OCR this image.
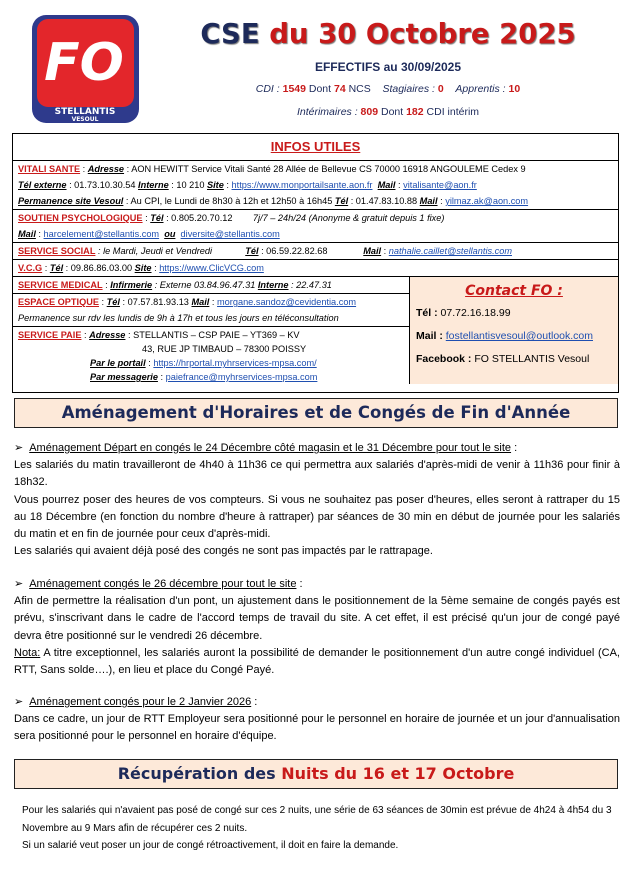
FO
STELLANTIS
VESOUL
CSE du 30 Octobre 2025
EFFECTIFS au 30/09/2025
CDI : 1549 Dont 74 NCS Stagiaires : 0 Apprentis : 10
Intérimaires : 809 Dont 182 CDI intérim
INFOS UTILES
VITALI SANTE : Adresse : AON HEWITT Service Vitali Santé 28 Allée de Bellevue CS 70000 16918 ANGOULEME Cedex 9
Tél externe : 01.73.10.30.54 Interne : 10 210 Site : https://www.monportailsante.aon.fr Mail : vitalisante@aon.fr
Permanence site Vesoul : Au CPI, le Lundi de 8h30 à 12h et 12h50 à 16h45 Tél : 01.47.83.10.88 Mail : yilmaz.ak@aon.com
SOUTIEN PSYCHOLOGIQUE : Tél : 0.805.20.70.12 7j/7 – 24h/24 (Anonyme & gratuit depuis 1 fixe)
Mail : harcelement@stellantis.com ou diversite@stellantis.com
SERVICE SOCIAL : le Mardi, Jeudi et Vendredi	Tél : 06.59.22.82.68	Mail : nathalie.caillet@stellantis.com
V.C.G : Tél : 09.86.86.03.00 Site : https://www.ClicVCG.com
SERVICE MEDICAL : Infirmerie : Externe 03.84.96.47.31 Interne : 22.47.31
ESPACE OPTIQUE : Tél : 07.57.81.93.13 Mail : morgane.sandoz@cevidentia.com
Permanence sur rdv les lundis de 9h à 17h et tous les jours en téléconsultation
SERVICE PAIE : Adresse : STELLANTIS – CSP PAIE – YT369 – KV
43, RUE JP TIMBAUD – 78300 POISSY
Par le portail : https://hrportal.myhrservices-mpsa.com/
Par messagerie : paiefrance@myhrservices-mpsa.com
Contact FO :
Tél : 07.72.16.18.99
Mail : fostellantisvesoul@outlook.com
Facebook : FO STELLANTIS Vesoul
Aménagement d'Horaires et de Congés de Fin d'Année

➢ Aménagement Départ en congés le 24 Décembre côté magasin et le 31 Décembre pour tout le site :

Les salariés du matin travailleront de 4h40 à 11h36 ce qui permettra aux salariés d'après-midi de venir à 11h36 pour finir à 18h32.

Vous pourrez poser des heures de vos compteurs. Si vous ne souhaitez pas poser d'heures, elles seront à rattraper du 15 au 18 Décembre (en fonction du nombre d'heure à rattraper) par séances de 30 min en début de journée pour les salariés du matin et en fin de journée pour ceux d'après-midi.

Les salariés qui avaient déjà posé des congés ne sont pas impactés par le rattrapage.

➢ Aménagement congés le 26 décembre pour tout le site :

Afin de permettre la réalisation d'un pont, un ajustement dans le positionnement de la 5ème semaine de congés payés est prévu, s'inscrivant dans le cadre de l'accord temps de travail du site. A cet effet, il est précisé qu'un jour de congé payé devra être positionné sur le vendredi 26 décembre.

Nota: A titre exceptionnel, les salariés auront la possibilité de demander le positionnement d'un autre congé individuel (CA, RTT, Sans solde….), en lieu et place du Congé Payé.

➢ Aménagement congés pour le 2 Janvier 2026 :

Dans ce cadre, un jour de RTT Employeur sera positionné pour le personnel en horaire de journée et un jour d'annualisation sera positionné pour le personnel en horaire d'équipe.

Récupération des Nuits du 16 et 17 Octobre

Pour les salariés qui n'avaient pas posé de congé sur ces 2 nuits, une série de 63 séances de 30min est prévue de 4h24 à 4h54 du 3 Novembre au 9 Mars afin de récupérer ces 2 nuits.

Si un salarié veut poser un jour de congé rétroactivement, il doit en faire la demande.
